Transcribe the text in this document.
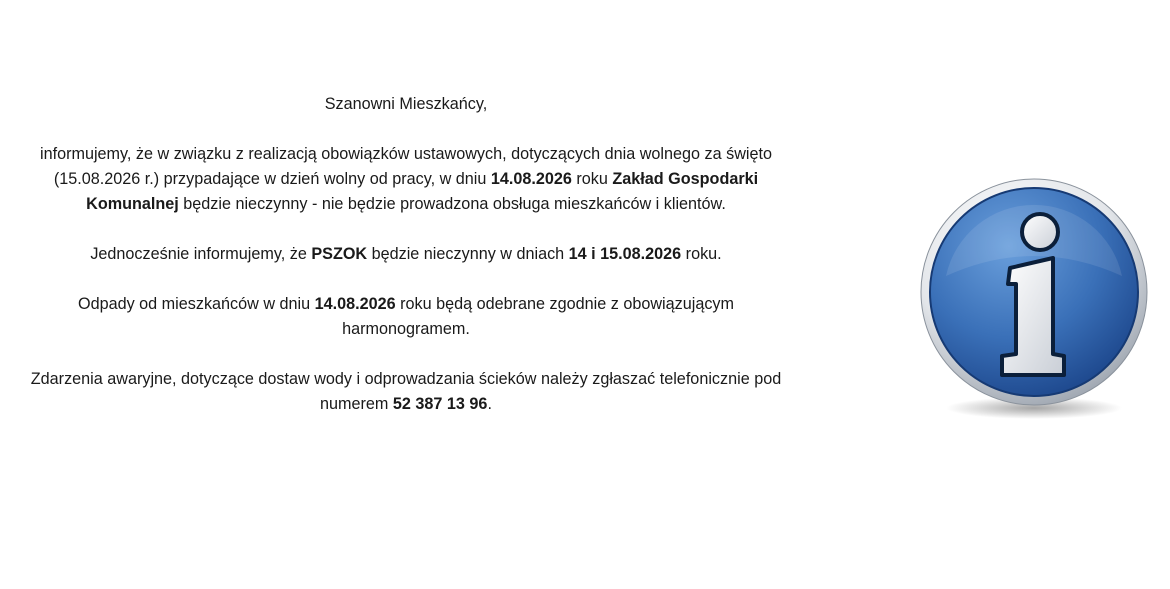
Szanowni Mieszkańcy,

informujemy, że w związku z realizacją obowiązków ustawowych, dotyczących dnia wolnego za święto (15.08.2026 r.) przypadające w dzień wolny od pracy, w dniu 14.08.2026 roku Zakład Gospodarki Komunalnej będzie nieczynny - nie będzie prowadzona obsługa mieszkańców i klientów.

Jednocześnie informujemy, że PSZOK będzie nieczynny w dniach 14 i 15.08.2026 roku.

Odpady od mieszkańców w dniu 14.08.2026 roku będą odebrane zgodnie z obowiązującym harmonogramem.

Zdarzenia awaryjne, dotyczące dostaw wody i odprowadzania ścieków należy zgłaszać telefonicznie pod numerem 52 387 13 96.
